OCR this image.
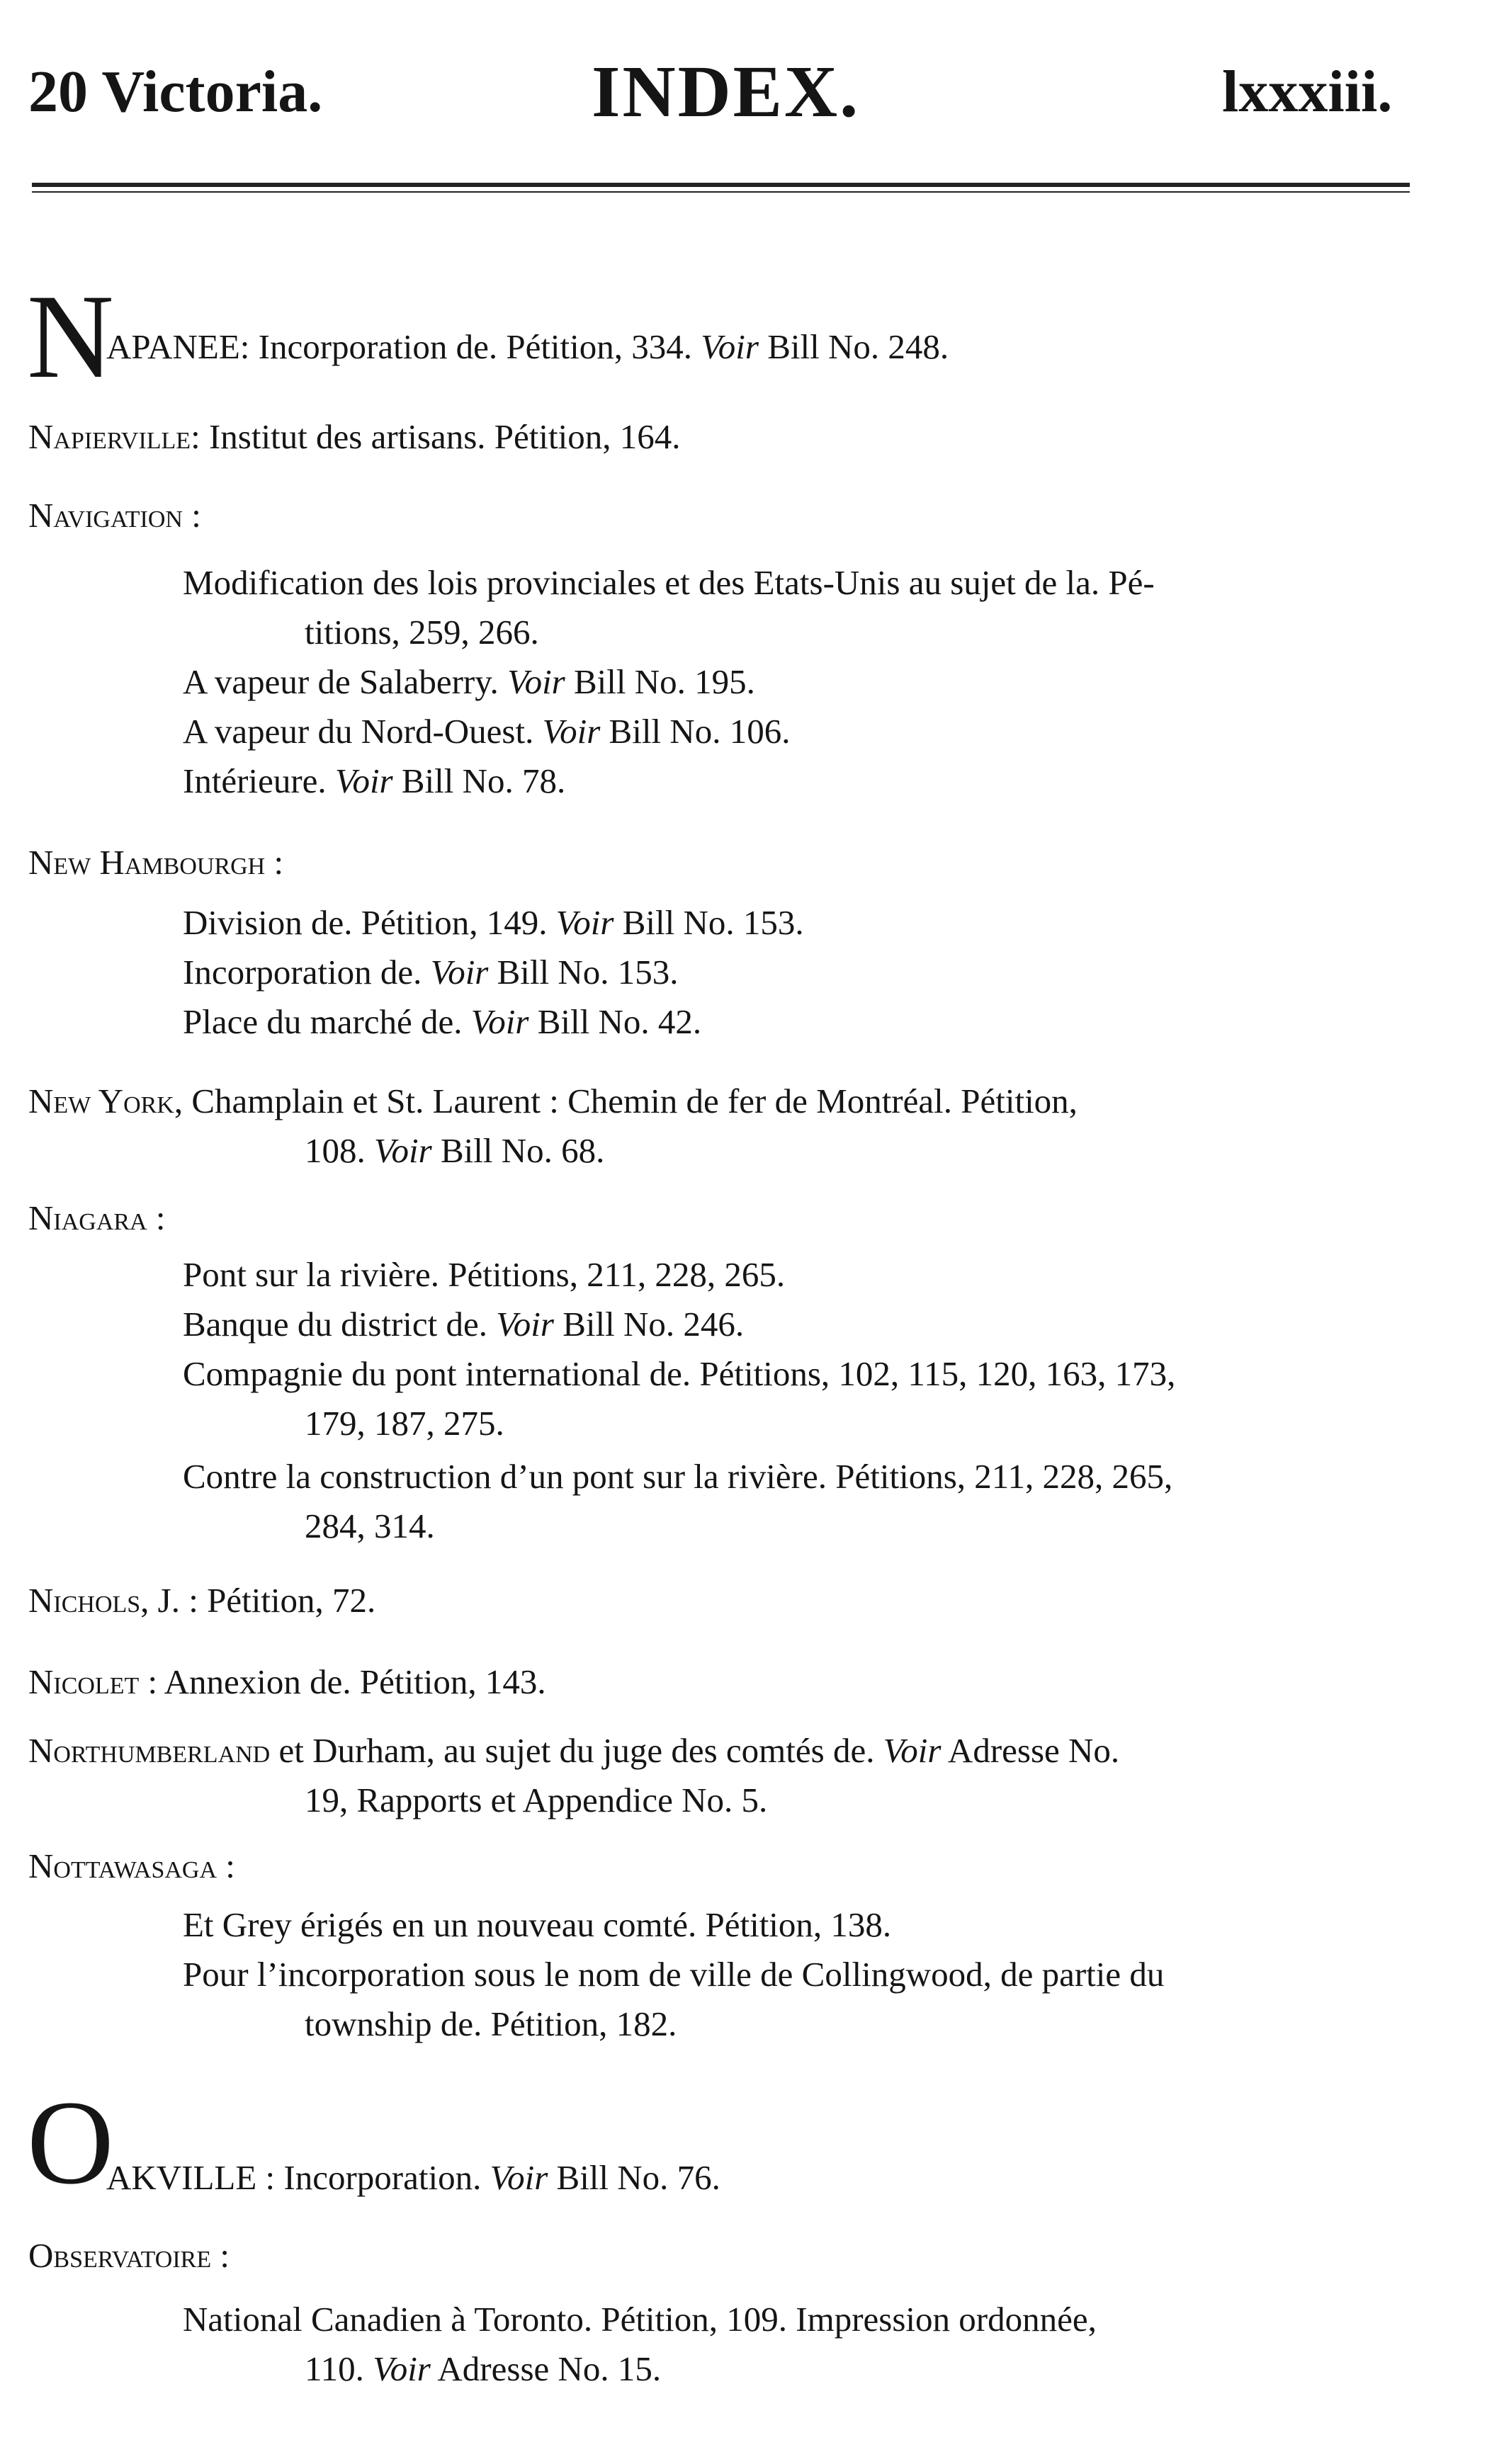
20 Victoria.	INDEX.	lxxxiii.
N
APANEE: Incorporation de. Pétition, 334. Voir Bill No. 248.
Napierville: Institut des artisans. Pétition, 164.
Navigation :
Modification des lois provinciales et des Etats-Unis au sujet de la. Pé-
titions, 259, 266.
A vapeur de Salaberry. Voir Bill No. 195.
A vapeur du Nord-Ouest. Voir Bill No. 106.
Intérieure. Voir Bill No. 78.
New Hambourgh :
Division de. Pétition, 149. Voir Bill No. 153.
Incorporation de. Voir Bill No. 153.
Place du marché de. Voir Bill No. 42.
New York, Champlain et St. Laurent : Chemin de fer de Montréal. Pétition,
108. Voir Bill No. 68.
Niagara :
Pont sur la rivière. Pétitions, 211, 228, 265.
Banque du district de. Voir Bill No. 246.
Compagnie du pont international de. Pétitions, 102, 115, 120, 163, 173,
179, 187, 275.
Contre la construction d’un pont sur la rivière. Pétitions, 211, 228, 265,
284, 314.
Nichols, J. : Pétition, 72.
Nicolet : Annexion de. Pétition, 143.
Northumberland et Durham, au sujet du juge des comtés de. Voir Adresse No.
19, Rapports et Appendice No. 5.
Nottawasaga :
Et Grey érigés en un nouveau comté. Pétition, 138.
Pour l’incorporation sous le nom de ville de Collingwood, de partie du
township de. Pétition, 182.
O
AKVILLE : Incorporation. Voir Bill No. 76.
Observatoire :
National Canadien à Toronto. Pétition, 109. Impression ordonnée,
110. Voir Adresse No. 15.
